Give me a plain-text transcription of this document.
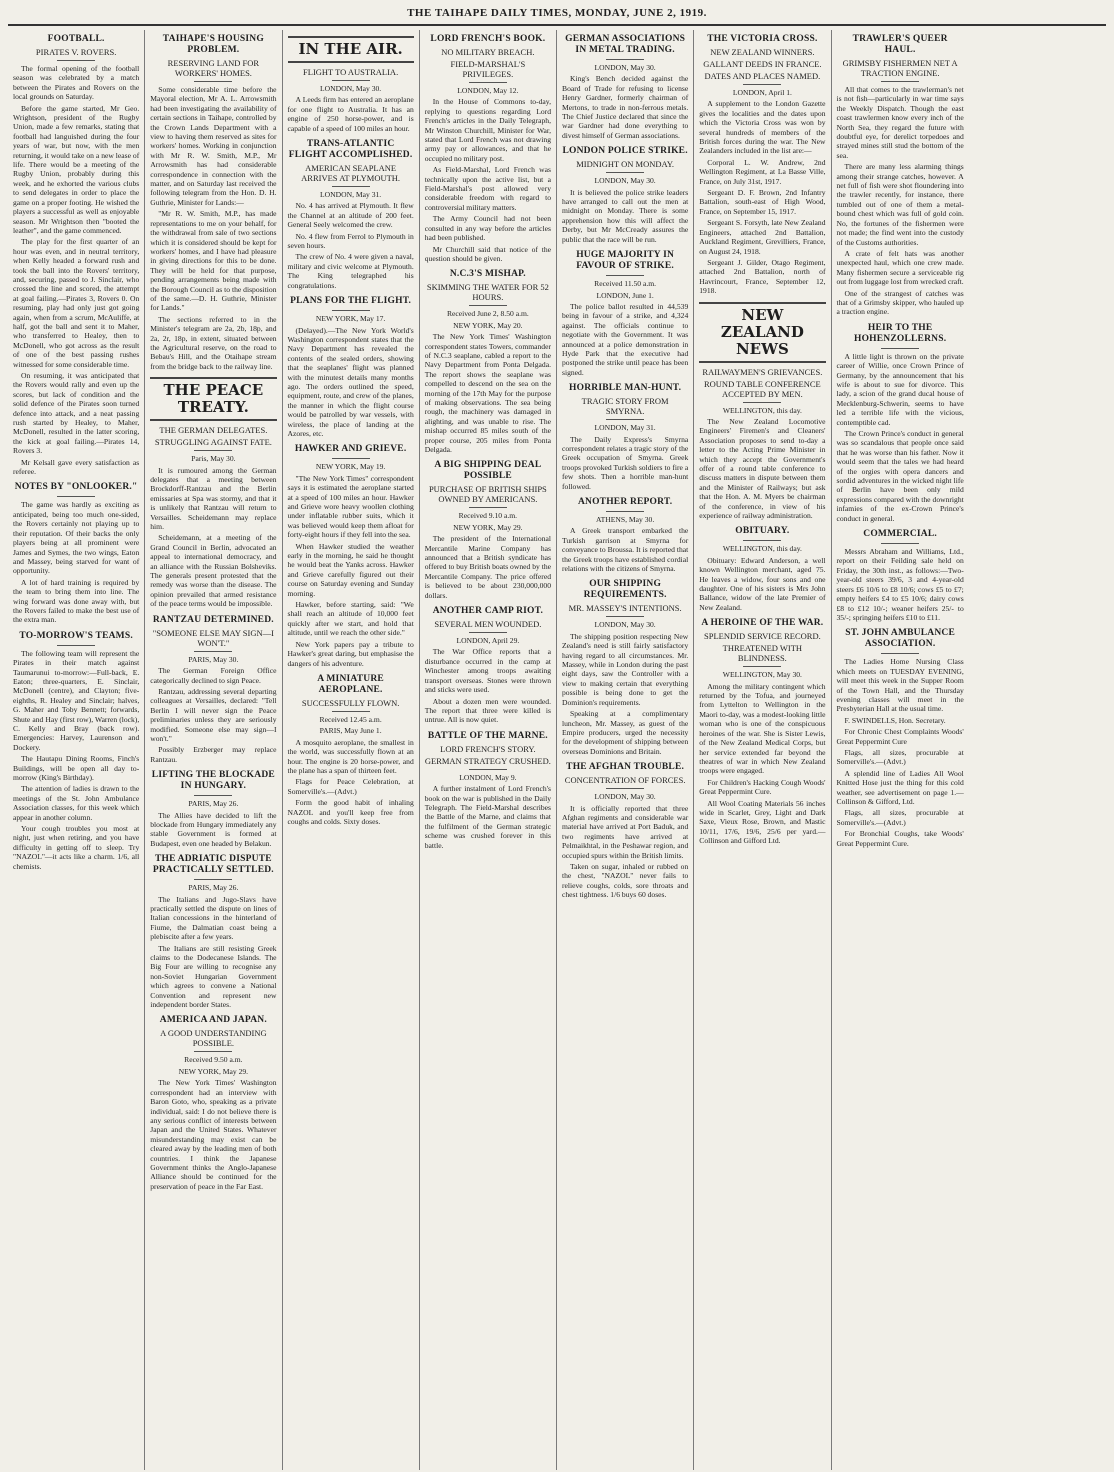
THE TAIHAPE DAILY TIMES, MONDAY, JUNE 2, 1919.
FOOTBALL.
PIRATES V. ROVERS.

The formal opening of the football season was celebrated by a match between the Pirates and Rovers on the local grounds on Saturday.

Before the game started, Mr Geo. Wrightson, president of the Rugby Union, made a few remarks, stating that football had languished during the four years of war, but now, with the men returning, it would take on a new lease of life. There would be a meeting of the Rugby Union, probably during this week, and he exhorted the various clubs to send delegates in order to place the game on a proper footing. He wished the players a successful as well as enjoyable season. Mr Wrightson then "booted the leather", and the game commenced.

The play for the first quarter of an hour was even, and in neutral territory, when Kelly headed a forward rush and took the ball into the Rovers' territory, and, securing, passed to J. Sinclair, who crossed the line and scored, the attempt at goal failing.—Pirates 3, Rovers 0. On resuming, play had only just got going again, when from a scrum, McAuliffe, at half, got the ball and sent it to Maher, who transferred to Healey, then to McDonell, who got across as the result of one of the best passing rushes witnessed for some considerable time.

On resuming, it was anticipated that the Rovers would rally and even up the scores, but lack of condition and the solid defence of the Pirates soon turned defence into attack, and a neat passing rush started by Healey, to Maher, McDonell, resulted in the latter scoring, the kick at goal failing.—Pirates 14, Rovers 3.

Mr Kelsall gave every satisfaction as referee.

NOTES BY "ONLOOKER."

The game was hardly as exciting as anticipated, being too much one-sided, the Rovers certainly not playing up to their reputation. Of their backs the only players being at all prominent were James and Symes, the two wings, Eaton and Massey, being starved for want of opportunity.

A lot of hard training is required by the team to bring them into line. The wing forward was done away with, but the Rovers failed to make the best use of the extra man.

TO-MORROW'S TEAMS.

The following team will represent the Pirates in their match against Taumarunui to-morrow:—Full-back, E. Eaton; three-quarters, E. Sinclair, McDonell (centre), and Clayton; five-eighths, R. Healey and Sinclair; halves, G. Maher and Toby Bennett; forwards, Shute and Hay (first row), Warren (lock), C. Kelly and Bray (back row). Emergencies: Harvey, Laurenson and Dockery.

The Hautapu Dining Rooms, Finch's Buildings, will be open all day to-morrow (King's Birthday).

The attention of ladies is drawn to the meetings of the St. John Ambulance Association classes, for this week which appear in another column.

Your cough troubles you most at night, just when retiring, and you have difficulty in getting off to sleep. Try "NAZOL"—it acts like a charm. 1/6, all chemists.

TAIHAPE'S HOUSING PROBLEM.
RESERVING LAND FOR WORKERS' HOMES.

Some considerable time before the Mayoral election, Mr A. L. Arrowsmith had been investigating the availability of certain sections in Taihape, controlled by the Crown Lands Department with a view to having them reserved as sites for workers' homes. Working in conjunction with Mr R. W. Smith, M.P., Mr Arrowsmith has had considerable correspondence in connection with the matter, and on Saturday last received the following telegram from the Hon. D. H. Guthrie, Minister for Lands:—

"Mr R. W. Smith, M.P., has made representations to me on your behalf, for the withdrawal from sale of two sections which it is considered should be kept for workers' homes, and I have had pleasure in giving directions for this to be done. They will be held for that purpose, pending arrangements being made with the Borough Council as to the disposition of the same.—D. H. Guthrie, Minister for Lands."

The sections referred to in the Minister's telegram are 2a, 2b, 18p, and 2a, 2r, 18p, in extent, situated between the Agricultural reserve, on the road to Bebau's Hill, and the Otaihape stream from the bridge back to the railway line.

THE PEACE TREATY.
THE GERMAN DELEGATES.
STRUGGLING AGAINST FATE.

Paris, May 30.

It is rumoured among the German delegates that a meeting between Brockdorff-Rantzau and the Berlin emissaries at Spa was stormy, and that it is unlikely that Rantzau will return to Versailles. Scheidemann may replace him.

Scheidemann, at a meeting of the Grand Council in Berlin, advocated an appeal to international democracy, and an alliance with the Russian Bolsheviks. The generals present protested that the remedy was worse than the disease. The opinion prevailed that armed resistance of the peace terms would be impossible.

RANTZAU DETERMINED.
"SOMEONE ELSE MAY SIGN—I WON'T."

PARIS, May 30.

The German Foreign Office categorically declined to sign Peace.

Rantzau, addressing several departing colleagues at Versailles, declared: "Tell Berlin I will never sign the Peace preliminaries unless they are seriously modified. Someone else may sign—I won't."

Possibly Erzberger may replace Rantzau.

LIFTING THE BLOCKADE IN HUNGARY.

PARIS, May 26.

The Allies have decided to lift the blockade from Hungary immediately any stable Government is formed at Budapest, even one headed by Belakun.

THE ADRIATIC DISPUTE PRACTICALLY SETTLED.

PARIS, May 26.

The Italians and Jugo-Slavs have practically settled the dispute on lines of Italian concessions in the hinterland of Fiume, the Dalmatian coast being a plebiscite after a few years.

The Italians are still resisting Greek claims to the Dodecanese Islands. The Big Four are willing to recognise any non-Soviet Hungarian Government which agrees to convene a National Convention and represent new independent border States.

AMERICA AND JAPAN.
A GOOD UNDERSTANDING POSSIBLE.

Received 9.50 a.m.

NEW YORK, May 29.

The New York Times' Washington correspondent had an interview with Baron Goto, who, speaking as a private individual, said: I do not believe there is any serious conflict of interests between Japan and the United States. Whatever misunderstanding may exist can be cleared away by the leading men of both countries. I think the Japanese Government thinks the Anglo-Japanese Alliance should be continued for the preservation of peace in the Far East.

IN THE AIR.
FLIGHT TO AUSTRALIA.

LONDON, May 30.

A Leeds firm has entered an aeroplane for one flight to Australia. It has an engine of 250 horse-power, and is capable of a speed of 100 miles an hour.

TRANS-ATLANTIC FLIGHT ACCOMPLISHED.
AMERICAN SEAPLANE ARRIVES AT PLYMOUTH.

LONDON, May 31.

No. 4 has arrived at Plymouth. It flew the Channel at an altitude of 200 feet. General Seely welcomed the crew.

No. 4 flew from Ferrol to Plymouth in seven hours.

The crew of No. 4 were given a naval, military and civic welcome at Plymouth. The King telegraphed his congratulations.

PLANS FOR THE FLIGHT.

NEW YORK, May 17.

(Delayed).—The New York World's Washington correspondent states that the Navy Department has revealed the contents of the sealed orders, showing that the seaplanes' flight was planned with the minutest details many months ago. The orders outlined the speed, equipment, route, and crew of the planes, the manner in which the flight course would be patrolled by war vessels, with wireless, the place of landing at the Azores, etc.

HAWKER AND GRIEVE.

NEW YORK, May 19.

"The New York Times" correspondent says it is estimated the aeroplane started at a speed of 100 miles an hour. Hawker and Grieve wore heavy woollen clothing under inflatable rubber suits, which it was believed would keep them afloat for forty-eight hours if they fell into the sea.

When Hawker studied the weather early in the morning, he said he thought he would beat the Yanks across. Hawker and Grieve carefully figured out their course on Saturday evening and Sunday morning.

Hawker, before starting, said: "We shall reach an altitude of 10,000 feet quickly after we start, and hold that altitude, until we reach the other side."

New York papers pay a tribute to Hawker's great daring, but emphasise the dangers of his adventure.

A MINIATURE AEROPLANE.
SUCCESSFULLY FLOWN.

Received 12.45 a.m.

PARIS, May June 1.

A mosquito aeroplane, the smallest in the world, was successfully flown at an hour. The engine is 20 horse-power, and the plane has a span of thirteen feet.

Flags for Peace Celebration, at Somerville's.—(Advt.)

Form the good habit of inhaling NAZOL and you'll keep free from coughs and colds. Sixty doses.

LORD FRENCH'S BOOK.
NO MILITARY BREACH.
FIELD-MARSHAL'S PRIVILEGES.

LONDON, May 12.

In the House of Commons to-day, replying to questions regarding Lord French's articles in the Daily Telegraph, Mr Winston Churchill, Minister for War, stated that Lord French was not drawing army pay or allowances, and that he occupied no military post.

As Field-Marshal, Lord French was technically upon the active list, but a Field-Marshal's post allowed very considerable freedom with regard to controversial military matters.

The Army Council had not been consulted in any way before the articles had been published.

Mr Churchill said that notice of the question should be given.

N.C.3'S MISHAP.
SKIMMING THE WATER FOR 52 HOURS.

Received June 2, 8.50 a.m.

NEW YORK, May 20.

The New York Times' Washington correspondent states Towers, commander of N.C.3 seaplane, cabled a report to the Navy Department from Ponta Delgada. The report shows the seaplane was compelled to descend on the sea on the morning of the 17th May for the purpose of making observations. The sea being rough, the machinery was damaged in alighting, and was unable to rise. The mishap occurred 85 miles south of the proper course, 205 miles from Ponta Delgada.

A BIG SHIPPING DEAL POSSIBLE
PURCHASE OF BRITISH SHIPS OWNED BY AMERICANS.

Received 9.10 a.m.

NEW YORK, May 29.

The president of the International Mercantile Marine Company has announced that a British syndicate has offered to buy British boats owned by the Mercantile Company. The price offered is believed to be about 230,000,000 dollars.

ANOTHER CAMP RIOT.
SEVERAL MEN WOUNDED.

LONDON, April 29.

The War Office reports that a disturbance occurred in the camp at Winchester among troops awaiting transport overseas. Stones were thrown and sticks were used.

About a dozen men were wounded. The report that three were killed is untrue. All is now quiet.

BATTLE OF THE MARNE.
LORD FRENCH'S STORY.
GERMAN STRATEGY CRUSHED.

LONDON, May 9.

A further instalment of Lord French's book on the war is published in the Daily Telegraph. The Field-Marshal describes the Battle of the Marne, and claims that the fulfilment of the German strategic scheme was crushed forever in this battle.

GERMAN ASSOCIATIONS IN METAL TRADING.

LONDON, May 30.

King's Bench decided against the Board of Trade for refusing to license Henry Gardner, formerly chairman of Mertons, to trade in non-ferrous metals. The Chief Justice declared that since the war Gardner had done everything to divest himself of German associations.

LONDON POLICE STRIKE.
MIDNIGHT ON MONDAY.

LONDON, May 30.

It is believed the police strike leaders have arranged to call out the men at midnight on Monday. There is some apprehension how this will affect the Derby, but Mr McCready assures the public that the race will be run.

HUGE MAJORITY IN FAVOUR OF STRIKE.

Received 11.50 a.m.

LONDON, June 1.

The police ballot resulted in 44,539 being in favour of a strike, and 4,324 against. The officials continue to negotiate with the Government. It was announced at a police demonstration in Hyde Park that the executive had postponed the strike until peace has been signed.

HORRIBLE MAN-HUNT.
TRAGIC STORY FROM SMYRNA.

LONDON, May 31.

The Daily Express's Smyrna correspondent relates a tragic story of the Greek occupation of Smyrna. Greek troops provoked Turkish soldiers to fire a few shots. Then a horrible man-hunt followed.

ANOTHER REPORT.

ATHENS, May 30.

A Greek transport embarked the Turkish garrison at Smyrna for conveyance to Broussa. It is reported that the Greek troops have established cordial relations with the citizens of Smyrna.

OUR SHIPPING REQUIREMENTS.
MR. MASSEY'S INTENTIONS.

LONDON, May 30.

The shipping position respecting New Zealand's need is still fairly satisfactory having regard to all circumstances. Mr. Massey, while in London during the past eight days, saw the Controller with a view to making certain that everything possible is being done to get the Dominion's requirements.

Speaking at a complimentary luncheon, Mr. Massey, as guest of the Empire producers, urged the necessity for the development of shipping between overseas Dominions and Britain.

THE AFGHAN TROUBLE.
CONCENTRATION OF FORCES.

LONDON, May 30.

It is officially reported that three Afghan regiments and considerable war material have arrived at Port Baduk, and two regiments have arrived at Pelmaikhtal, in the Peshawar region, and occupied spurs within the British limits.

Taken on sugar, inhaled or rubbed on the chest, "NAZOL" never fails to relieve coughs, colds, sore throats and chest tightness. 1/6 buys 60 doses.

THE VICTORIA CROSS.
NEW ZEALAND WINNERS.
GALLANT DEEDS IN FRANCE.
DATES AND PLACES NAMED.

LONDON, April 1.

A supplement to the London Gazette gives the localities and the dates upon which the Victoria Cross was won by several hundreds of members of the British forces during the war. The New Zealanders included in the list are:—

Corporal L. W. Andrew, 2nd Wellington Regiment, at La Basse Ville, France, on July 31st, 1917.

Sergeant D. F. Brown, 2nd Infantry Battalion, south-east of High Wood, France, on September 15, 1917.

Sergeant S. Forsyth, late New Zealand Engineers, attached 2nd Battalion, Auckland Regiment, Grevilliers, France, on August 24, 1918.

Sergeant J. Gilder, Otago Regiment, attached 2nd Battalion, north of Havrincourt, France, September 12, 1918.

NEW ZEALAND NEWS
RAILWAYMEN'S GRIEVANCES.
ROUND TABLE CONFERENCE ACCEPTED BY MEN.

WELLINGTON, this day.

The New Zealand Locomotive Engineers' Firemen's and Cleaners' Association proposes to send to-day a letter to the Acting Prime Minister in which they accept the Government's offer of a round table conference to discuss matters in dispute between them and the Minister of Railways; but ask that the Hon. A. M. Myers be chairman of the conference, in view of his experience of railway administration.

OBITUARY.

WELLINGTON, this day.

Obituary: Edward Anderson, a well known Wellington merchant, aged 75. He leaves a widow, four sons and one daughter. One of his sisters is Mrs John Ballance, widow of the late Premier of New Zealand.

A HEROINE OF THE WAR.
SPLENDID SERVICE RECORD.
THREATENED WITH BLINDNESS.

WELLINGTON, May 30.

Among the military contingent which returned by the Tofua, and journeyed from Lyttelton to Wellington in the Maori to-day, was a modest-looking little woman who is one of the conspicuous heroines of the war. She is Sister Lewis, of the New Zealand Medical Corps, but her service extended far beyond the theatres of war in which New Zealand troops were engaged.

For Children's Hacking Cough Woods' Great Peppermint Cure.

All Wool Coating Materials 56 inches wide in Scarlet, Grey, Light and Dark Saxe, Vieux Rose, Brown, and Mastic 10/11, 17/6, 19/6, 25/6 per yard.—Collinson and Gifford Ltd.

TRAWLER'S QUEER HAUL.
GRIMSBY FISHERMEN NET A TRACTION ENGINE.

All that comes to the trawlerman's net is not fish—particularly in war time says the Weekly Dispatch. Though the east coast trawlermen know every inch of the North Sea, they regard the future with doubtful eye, for derelict torpedoes and strayed mines still stud the bottom of the sea.

There are many less alarming things among their strange catches, however. A net full of fish were shot floundering into the trawler recently, for instance, there tumbled out of one of them a metal-bound chest which was full of gold coin. No, the fortunes of the fishermen were not made; the find went into the custody of the Customs authorities.

A crate of felt hats was another unexpected haul, which one crew made. Many fishermen secure a serviceable rig out from luggage lost from wrecked craft.

One of the strangest of catches was that of a Grimsby skipper, who hauled up a traction engine.

HEIR TO THE HOHENZOLLERNS.

A little light is thrown on the private career of Willie, once Crown Prince of Germany, by the announcement that his wife is about to sue for divorce. This lady, a scion of the grand ducal house of Mecklenburg-Schwerin, seems to have led a terrible life with the vicious, contemptible cad.

The Crown Prince's conduct in general was so scandalous that people once said that he was worse than his father. Now it would seem that the tales we had heard of the orgies with opera dancers and sordid adventures in the wicked night life of Berlin have been only mild expressions compared with the downright infamies of the ex-Crown Prince's conduct in general.

COMMERCIAL.

Messrs Abraham and Williams, Ltd., report on their Feilding sale held on Friday, the 30th inst., as follows:—Two-year-old steers 39/6, 3 and 4-year-old steers £6 10/6 to £8 10/6; cows £5 to £7; empty heifers £4 to £5 10/6; dairy cows £8 to £12 10/-; weaner heifers 25/- to 35/-; springing heifers £10 to £11.

ST. JOHN AMBULANCE ASSOCIATION.

The Ladies Home Nursing Class which meets on TUESDAY EVENING, will meet this week in the Supper Room of the Town Hall, and the Thursday evening classes will meet in the Presbyterian Hall at the usual time.

F. SWINDELLS, Hon. Secretary.

For Chronic Chest Complaints Woods' Great Peppermint Cure

Flags, all sizes, procurable at Somerville's.—(Advt.)

A splendid line of Ladies All Wool Knitted Hose just the thing for this cold weather, see advertisement on page 1.—Collinson & Gifford, Ltd.

Flags, all sizes, procurable at Somerville's.—(Advt.)

For Bronchial Coughs, take Woods' Great Peppermint Cure.
